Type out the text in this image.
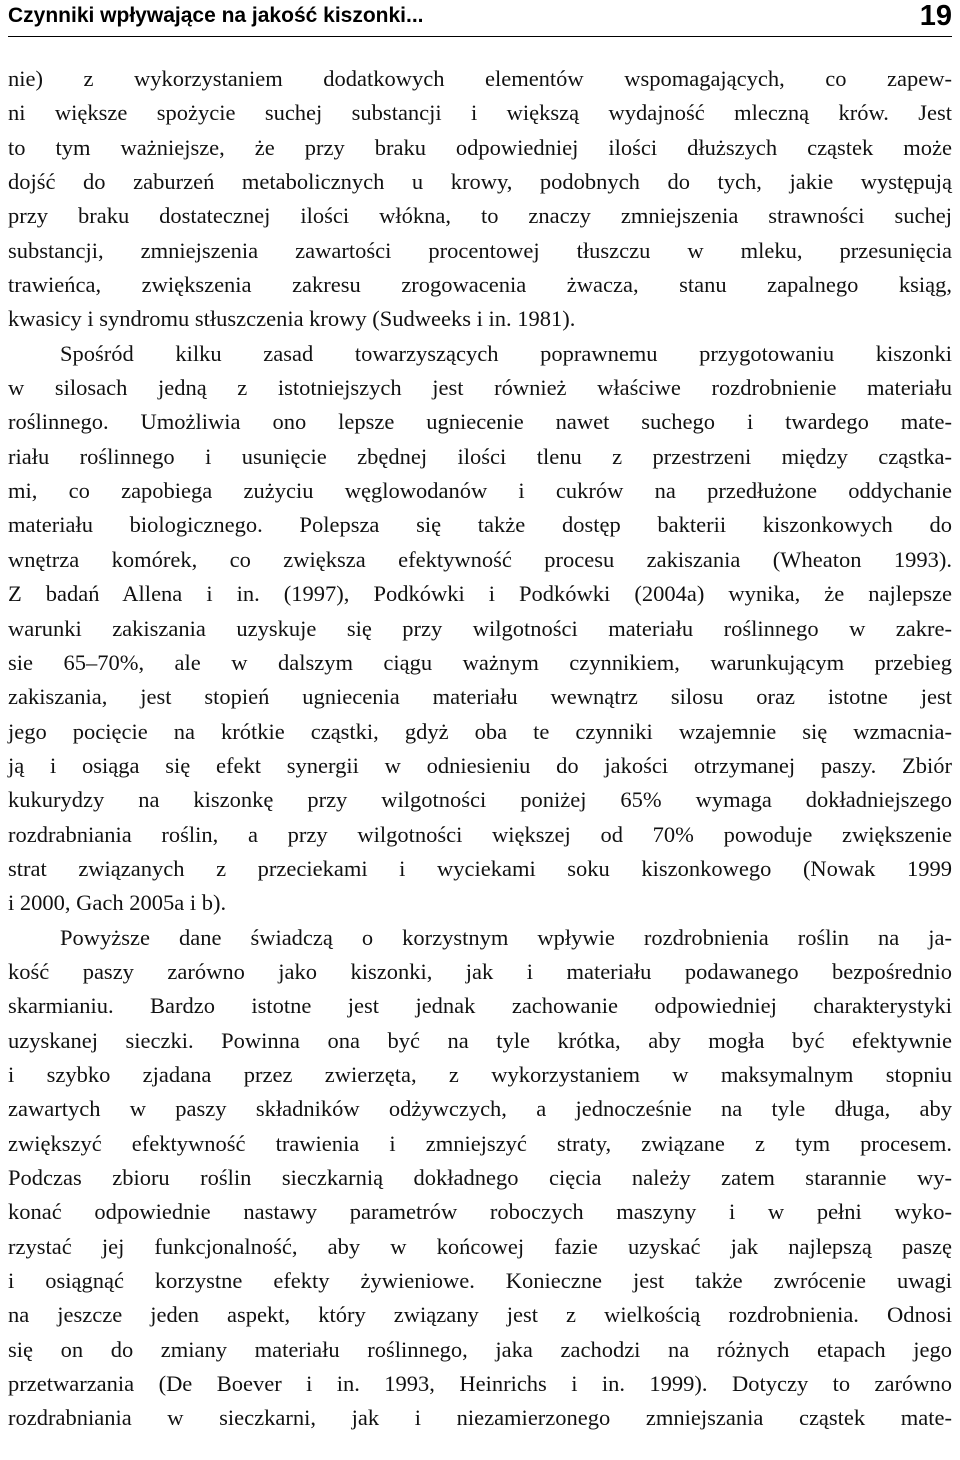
Czynniki wpływające na jakość kiszonki...	19
nie) z wykorzystaniem dodatkowych elementów wspomagających, co zapew-
ni większe spożycie suchej substancji i większą wydajność mleczną krów. Jest
to tym ważniejsze, że przy braku odpowiedniej ilości dłuższych cząstek może
dojść do zaburzeń metabolicznych u krowy, podobnych do tych, jakie występują
przy braku dostatecznej ilości włókna, to znaczy zmniejszenia strawności suchej
substancji, zmniejszenia zawartości procentowej tłuszczu w mleku, przesunięcia
trawieńca, zwiększenia zakresu zrogowacenia żwacza, stanu zapalnego ksiąg,
kwasicy i syndromu stłuszczenia krowy (Sudweeks i in. 1981).
Spośród kilku zasad towarzyszących poprawnemu przygotowaniu kiszonki
w silosach jedną z istotniejszych jest również właściwe rozdrobnienie materiału
roślinnego. Umożliwia ono lepsze ugniecenie nawet suchego i twardego mate-
riału roślinnego i usunięcie zbędnej ilości tlenu z przestrzeni między cząstka-
mi, co zapobiega zużyciu węglowodanów i cukrów na przedłużone oddychanie
materiału biologicznego. Polepsza się także dostęp bakterii kiszonkowych do
wnętrza komórek, co zwiększa efektywność procesu zakiszania (Wheaton 1993).
Z badań Allena i in. (1997), Podkówki i Podkówki (2004a) wynika, że najlepsze
warunki zakiszania uzyskuje się przy wilgotności materiału roślinnego w zakre-
sie 65–70%, ale w dalszym ciągu ważnym czynnikiem, warunkującym przebieg
zakiszania, jest stopień ugniecenia materiału wewnątrz silosu oraz istotne jest
jego pocięcie na krótkie cząstki, gdyż oba te czynniki wzajemnie się wzmacnia-
ją i osiąga się efekt synergii w odniesieniu do jakości otrzymanej paszy. Zbiór
kukurydzy na kiszonkę przy wilgotności poniżej 65% wymaga dokładniejszego
rozdrabniania roślin, a przy wilgotności większej od 70% powoduje zwiększenie
strat związanych z przeciekami i wyciekami soku kiszonkowego (Nowak 1999
i 2000, Gach 2005a i b).
Powyższe dane świadczą o korzystnym wpływie rozdrobnienia roślin na ja-
kość paszy zarówno jako kiszonki, jak i materiału podawanego bezpośrednio
skarmianiu. Bardzo istotne jest jednak zachowanie odpowiedniej charakterystyki
uzyskanej sieczki. Powinna ona być na tyle krótka, aby mogła być efektywnie
i szybko zjadana przez zwierzęta, z wykorzystaniem w maksymalnym stopniu
zawartych w paszy składników odżywczych, a jednocześnie na tyle długa, aby
zwiększyć efektywność trawienia i zmniejszyć straty, związane z tym procesem.
Podczas zbioru roślin sieczkarnią dokładnego cięcia należy zatem starannie wy-
konać odpowiednie nastawy parametrów roboczych maszyny i w pełni wyko-
rzystać jej funkcjonalność, aby w końcowej fazie uzyskać jak najlepszą paszę
i osiągnąć korzystne efekty żywieniowe. Konieczne jest także zwrócenie uwagi
na jeszcze jeden aspekt, który związany jest z wielkością rozdrobnienia. Odnosi
się on do zmiany materiału roślinnego, jaka zachodzi na różnych etapach jego
przetwarzania (De Boever i in. 1993, Heinrichs i in. 1999). Dotyczy to zarówno
rozdrabniania w sieczkarni, jak i niezamierzonego zmniejszania cząstek mate-
